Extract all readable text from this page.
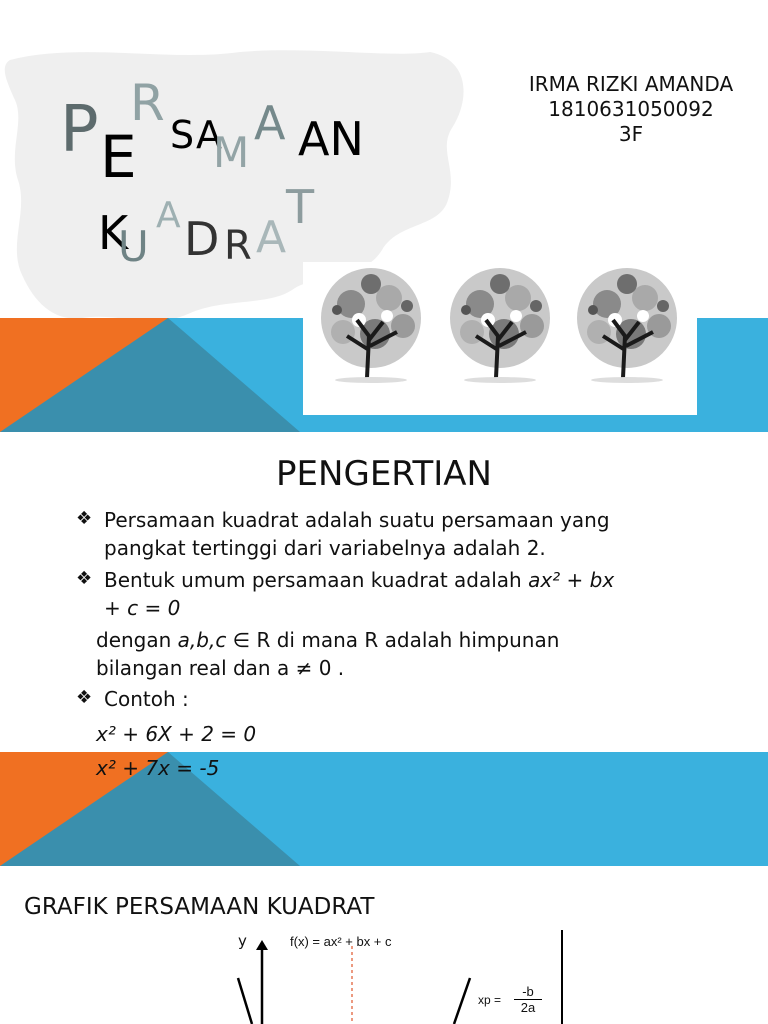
P R
E S A
M
A AN
K
U
A D R A
T
IRMA RIZKI AMANDA
1810631050092
3F
PENGERTIAN
❖ Persamaan kuadrat adalah suatu persamaan yang
pangkat tertinggi dari variabelnya adalah 2.
❖ Bentuk umum persamaan kuadrat adalah ax² + bx
+ c = 0
dengan a,b,c ∈ R di mana R adalah himpunan
bilangan real dan a ≠ 0 .
❖ Contoh :
x² + 6X + 2 = 0
x² + 7x = -5
GRAFIK PERSAMAAN KUADRAT
y	f(x) = ax² + bx + c
xp = $\frac{-b}{2a}$
